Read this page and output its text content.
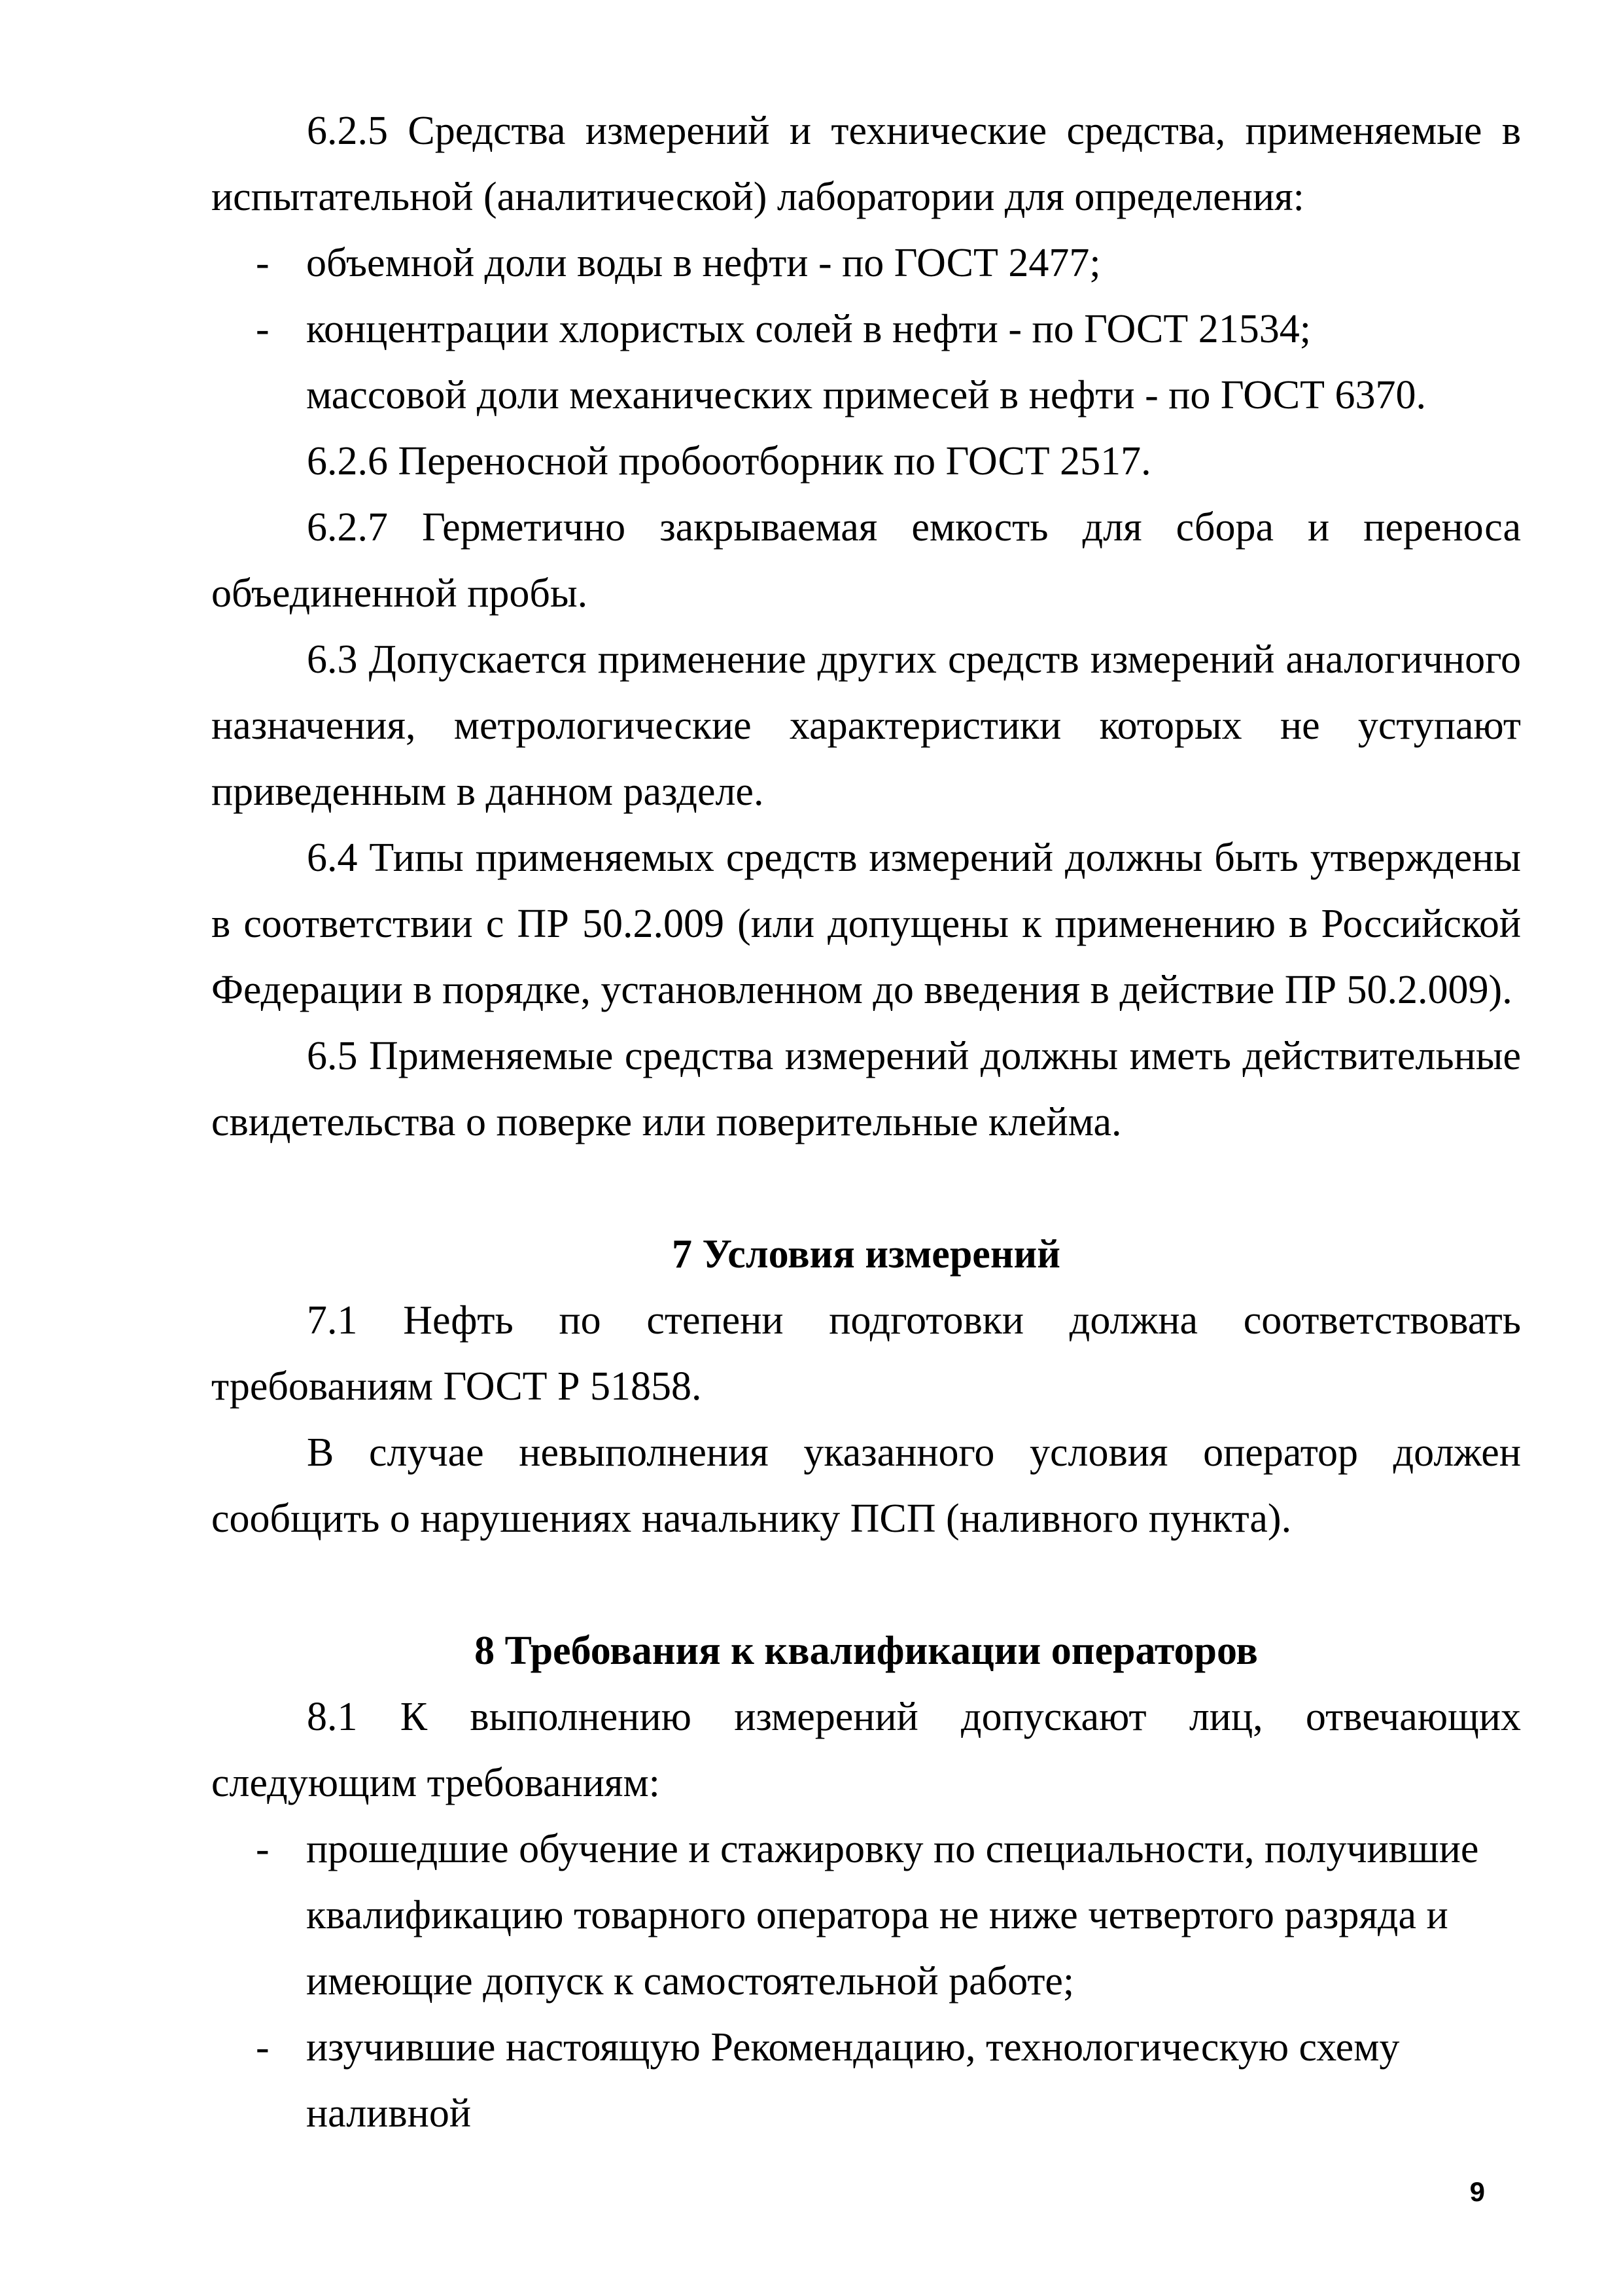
6.2.5 Средства измерений и технические средства, применяемые в испытательной (аналитической) лаборатории для определения:

- объемной доли воды в нефти - по ГОСТ 2477;
- концентрации хлористых солей в нефти - по ГОСТ 21534;

массовой доли механических примесей в нефти - по ГОСТ 6370.

6.2.6 Переносной пробоотборник по ГОСТ 2517.

6.2.7 Герметично закрываемая емкость для сбора и переноса объединенной пробы.

6.3 Допускается применение других средств измерений аналогичного назначения, метрологические характеристики которых не уступают приведенным в данном разделе.

6.4 Типы применяемых средств измерений должны быть утверждены в соответствии с ПР 50.2.009 (или допущены к применению в Российской Федерации в порядке, установленном до введения в действие ПР 50.2.009).

6.5 Применяемые средства измерений должны иметь действительные свидетельства о поверке или поверительные клейма.

7 Условия измерений

7.1 Нефть по степени подготовки должна соответствовать требованиям ГОСТ Р 51858.

В случае невыполнения указанного условия оператор должен сообщить о нарушениях начальнику ПСП (наливного пункта).

8 Требования к квалификации операторов

8.1 К выполнению измерений допускают лиц, отвечающих следующим требованиям:

- прошедшие обучение и стажировку по специальности, получившие квалификацию товарного оператора не ниже четвертого разряда и имеющие допуск к самостоятельной работе;
- изучившие настоящую Рекомендацию, технологическую схему наливной
9
